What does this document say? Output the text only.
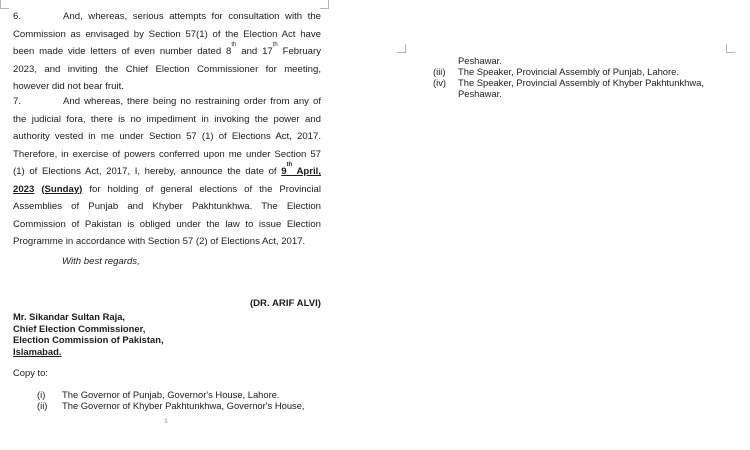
6.	And, whereas, serious attempts for consultation with the Commission as envisaged by Section 57(1) of the Election Act have been made vide letters of even number dated 8th and 17th February 2023, and inviting the Chief Election Commissioner for meeting, however did not bear fruit.

7.	And whereas, there being no restraining order from any of the judicial fora, there is no impediment in invoking the power and authority vested in me under Section 57 (1) of Elections Act, 2017. Therefore, in exercise of powers conferred upon me under Section 57 (1) of Elections Act, 2017, I, hereby, announce the date of 9th April, 2023 (Sunday) for holding of general elections of the Provincial Assemblies of Punjab and Khyber Pakhtunkhwa. The Election Commission of Pakistan is obliged under the law to issue Election Programme in accordance with Section 57 (2) of Elections Act, 2017.

With best regards,
(DR. ARIF ALVI)
Mr. Sikandar Sultan Raja,
Chief Election Commissioner,
Election Commission of Pakistan,
Islamabad.
Copy to:
(i) The Governor of Punjab, Governor's House, Lahore.
(ii) The Governor of Khyber Pakhtunkhwa, Governor's House,
3
Peshawar.
(iii) The Speaker, Provincial Assembly of Punjab, Lahore.
(iv) The Speaker, Provincial Assembly of Khyber Pakhtunkhwa,
Peshawar.
